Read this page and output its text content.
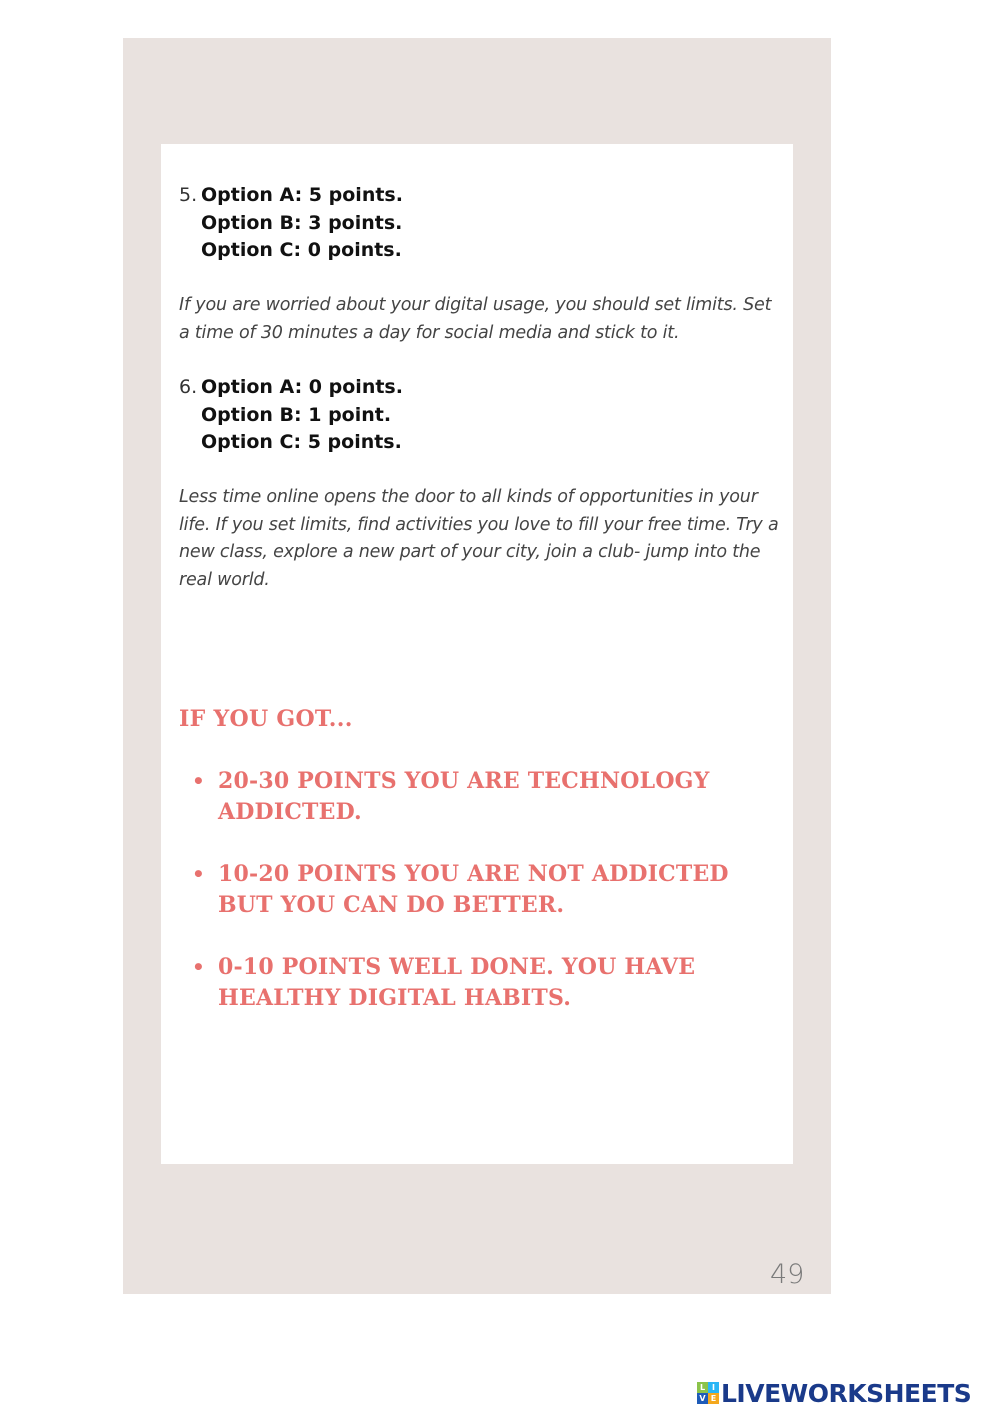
5. Option A: 5 points.
Option B: 3 points.
Option C: 0 points.
If you are worried about your digital usage, you should set limits. Set a time of 30 minutes a day for social media and stick to it.
6. Option A: 0 points.
Option B: 1 point.
Option C: 5 points.
Less time online opens the door to all kinds of opportunities in your life. If you set limits, find activities you love to fill your free time. Try a new class, explore a new part of your city, join a club- jump into the real world.
IF YOU GOT...
• 20-30 POINTS YOU ARE TECHNOLOGY ADDICTED.
• 10-20 POINTS YOU ARE NOT ADDICTED BUT YOU CAN DO BETTER.
• 0-10 POINTS WELL DONE. YOU HAVE HEALTHY DIGITAL HABITS.
49
L I
V E LIVEWORKSHEETS
